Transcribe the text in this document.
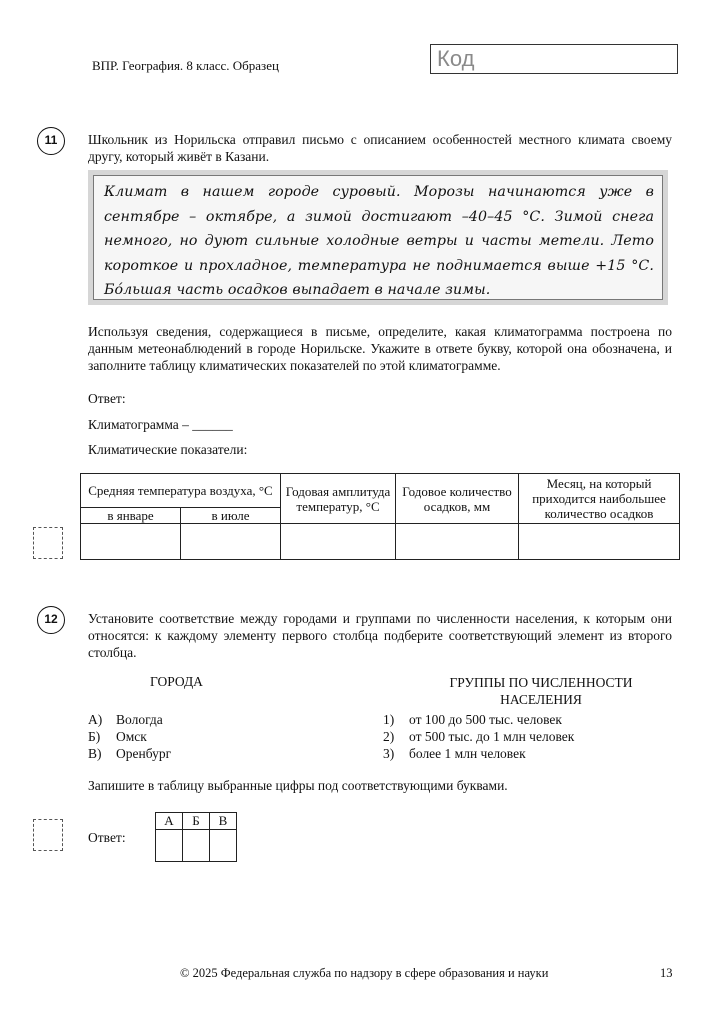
ВПР. География. 8 класс. Образец	Код
11	Школьник из Норильска отправил письмо с описанием особенностей местного климата своему другу, который живёт в Казани.
Климат в нашем городе суровый. Морозы начинаются уже в сентябре – октябре, а зимой достигают –40–45 °С. Зимой снега немного, но дуют сильные холодные ветры и часты метели. Лето короткое и прохладное, температура не поднимается выше +15 °С. Бóльшая часть осадков выпадает в начале зимы.
Используя сведения, содержащиеся в письме, определите, какая климатограмма построена по данным метеонаблюдений в городе Норильске. Укажите в ответе букву, которой она обозначена, и заполните таблицу климатических показателей по этой климатограмме.
Ответ:
Климатограмма – ______
Климатические показатели:
Средняя температура воздуха, °С		Годовая амплитуда температур, °С	Годовое количество осадков, мм	Месяц, на который приходится наибольшее количество осадков
в январе	в июле			

12	Установите соответствие между городами и группами по численности населения, к которым они относятся: к каждому элементу первого столбца подберите соответствующий элемент из второго столбца.
ГОРОДА	ГРУППЫ ПО ЧИСЛЕННОСТИ
НАСЕЛЕНИЯ
А) Вологда
Б) Омск
В) Оренбург
1) от 100 до 500 тыс. человек
2) от 500 тыс. до 1 млн человек
3) более 1 млн человек
Запишите в таблицу выбранные цифры под соответствующими буквами.
Ответ:
А	Б	В

© 2025 Федеральная служба по надзору в сфере образования и науки	13
